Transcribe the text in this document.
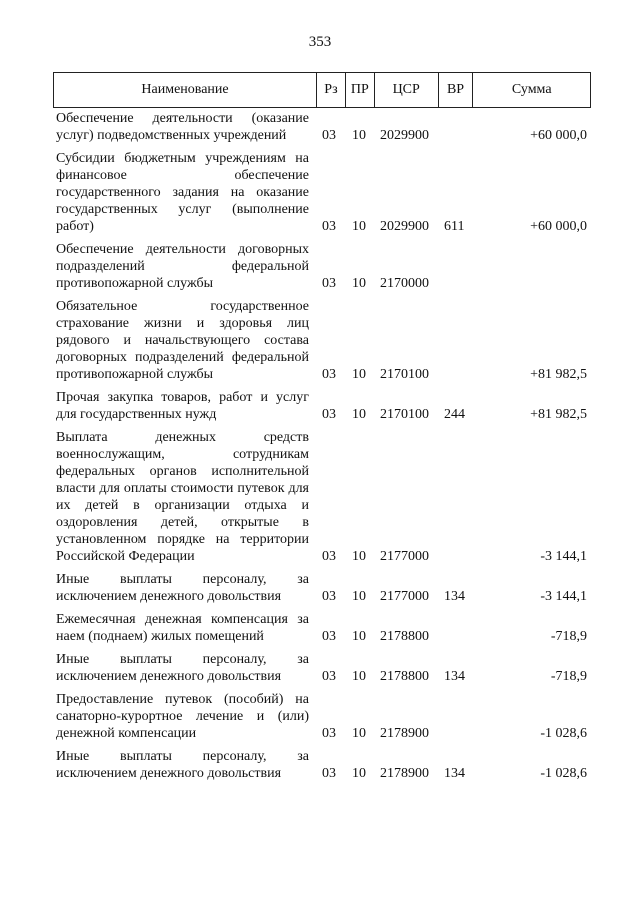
353
Наименование	Рз ПР	ЦСР	ВР	Сумма
Обеспечение деятельности (оказание услуг) подведомственных учреждений	03 10 2029900	+60 000,0
Субсидии бюджетным учреждениям на финансовое обеспечение государственного задания на оказание государственных услуг (выполнение работ)	03 10 2029900 611	+60 000,0
Обеспечение деятельности договорных подразделений федеральной противопожарной службы	03 10 2170000
Обязательное государственное страхование жизни и здоровья лиц рядового и начальствующего состава договорных подразделений федеральной противопожарной службы	03 10 2170100	+81 982,5
Прочая закупка товаров, работ и услуг для государственных нужд	03 10 2170100 244	+81 982,5
Выплата денежных средств военнослужащим, сотрудникам федеральных органов исполнительной власти для оплаты стоимости путевок для их детей в организации отдыха и оздоровления детей, открытые в установленном порядке на территории Российской Федерации	03 10 2177000	-3 144,1
Иные выплаты персоналу, за исключением денежного довольствия	03 10 2177000 134	-3 144,1
Ежемесячная денежная компенсация за наем (поднаем) жилых помещений	03 10 2178800	-718,9
Иные выплаты персоналу, за исключением денежного довольствия	03 10 2178800 134	-718,9
Предоставление путевок (пособий) на санаторно-курортное лечение и (или) денежной компенсации	03 10 2178900	-1 028,6
Иные выплаты персоналу, за исключением денежного довольствия	03 10 2178900 134	-1 028,6
